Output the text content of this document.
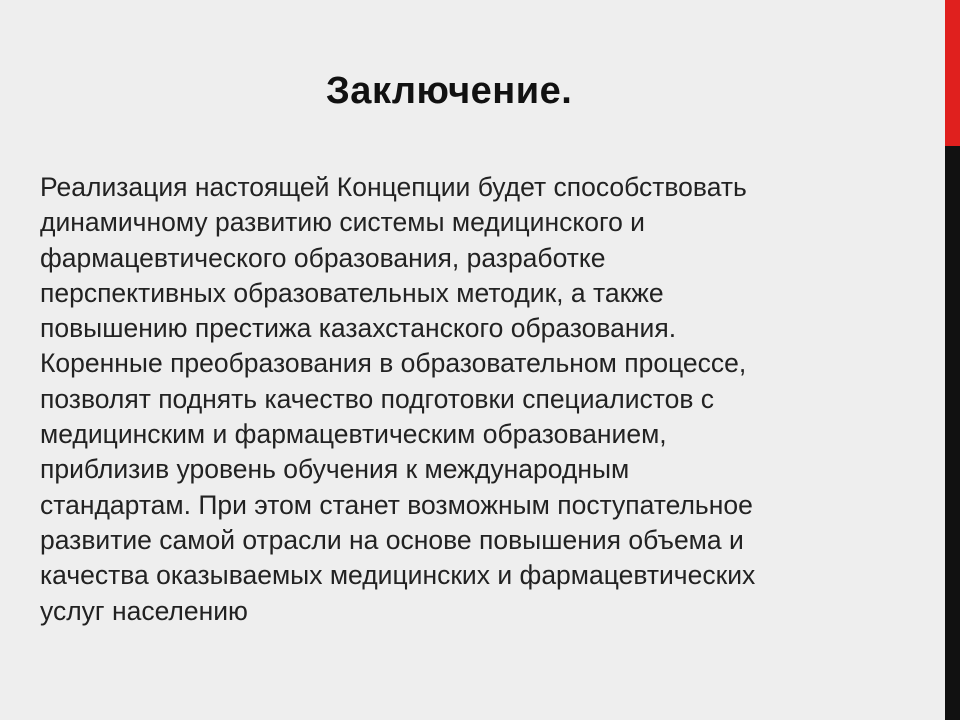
Заключение.
Реализация настоящей Концепции будет способствовать
динамичному развитию системы медицинского и
фармацевтического образования, разработке
перспективных образовательных методик, а также
повышению престижа казахстанского образования.
Коренные преобразования в образовательном процессе,
позволят поднять качество подготовки специалистов с
медицинским и фармацевтическим образованием,
приблизив уровень обучения к международным
стандартам. При этом станет возможным поступательное
развитие самой отрасли на основе повышения объема и
качества оказываемых медицинских и фармацевтических
услуг населению
